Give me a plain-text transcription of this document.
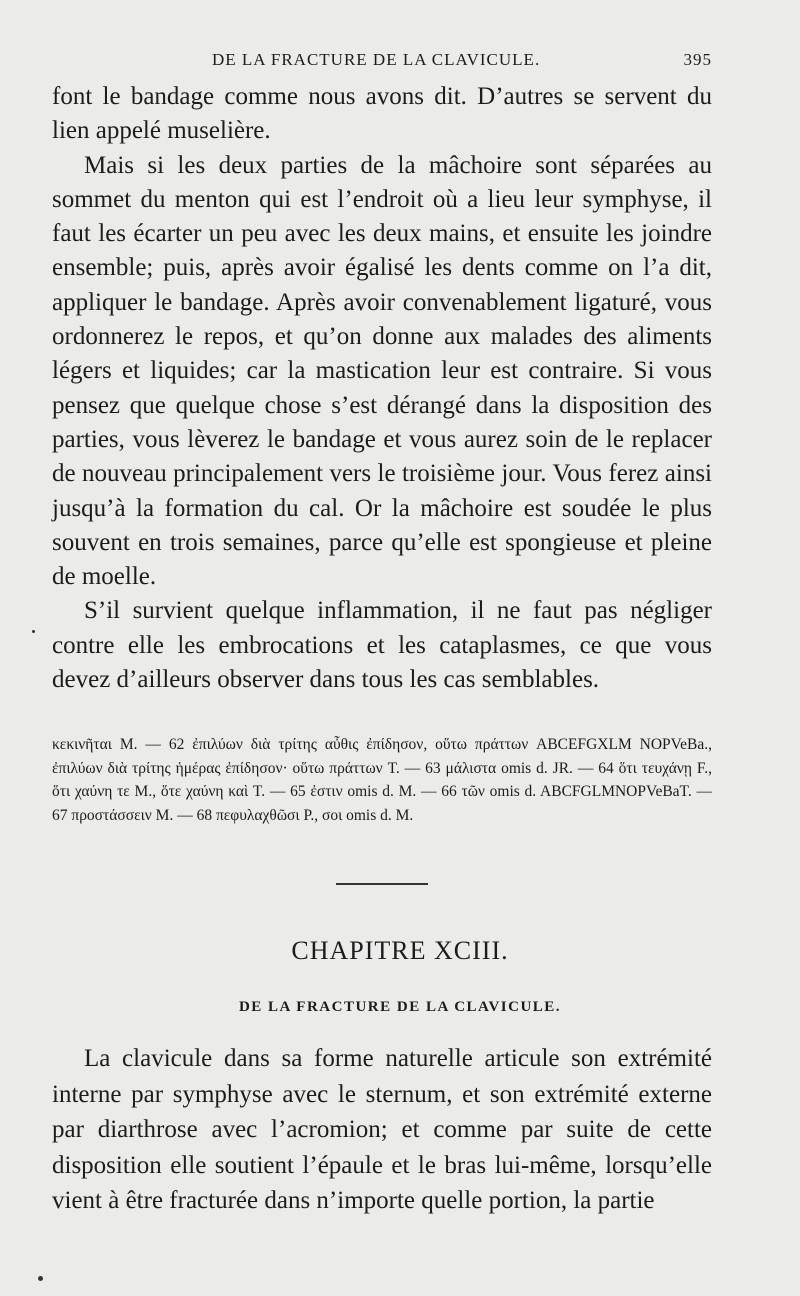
DE LA FRACTURE DE LA CLAVICULE.	395

font le bandage comme nous avons dit. D’autres se servent du lien appelé muselière.

Mais si les deux parties de la mâchoire sont séparées au sommet du menton qui est l’endroit où a lieu leur symphyse, il faut les écarter un peu avec les deux mains, et ensuite les joindre ensemble; puis, après avoir égalisé les dents comme on l’a dit, appliquer le bandage. Après avoir convenablement ligaturé, vous ordonnerez le repos, et qu’on donne aux malades des aliments légers et liquides; car la mastication leur est contraire. Si vous pensez que quelque chose s’est dérangé dans la disposition des parties, vous lèverez le bandage et vous aurez soin de le replacer de nouveau principalement vers le troisième jour. Vous ferez ainsi jusqu’à la formation du cal. Or la mâchoire est soudée le plus souvent en trois semaines, parce qu’elle est spongieuse et pleine de moelle.

S’il survient quelque inflammation, il ne faut pas négliger contre elle les embrocations et les cataplasmes, ce que vous devez d’ailleurs observer dans tous les cas semblables.

κεκινῆται M. — 62 ἐπιλύων διὰ τρίτης αὖθις ἐπίδησον, οὕτω πράττων ABCEFGXLM NOPVeBa., ἐπιλύων διὰ τρίτης ἡμέρας ἐπίδησον· οὕτω πράττων T. — 63 μάλιστα omis d. JR. — 64 ὅτι τευχάνῃ F., ὅτι χαύνη τε M., ὅτε χαύνη καὶ T. — 65 ἐστιν omis d. M. — 66 τῶν omis d. ABCFGLMNOPVeBaT. — 67 προστάσσειν M. — 68 πεφυλαχθῶσι P., σοι omis d. M.

CHAPITRE XCIII.
DE LA FRACTURE DE LA CLAVICULE.

La clavicule dans sa forme naturelle articule son extrémité interne par symphyse avec le sternum, et son extrémité externe par diarthrose avec l’acromion; et comme par suite de cette disposition elle soutient l’épaule et le bras lui-même, lorsqu’elle vient à être fracturée dans n’importe quelle portion, la partie
